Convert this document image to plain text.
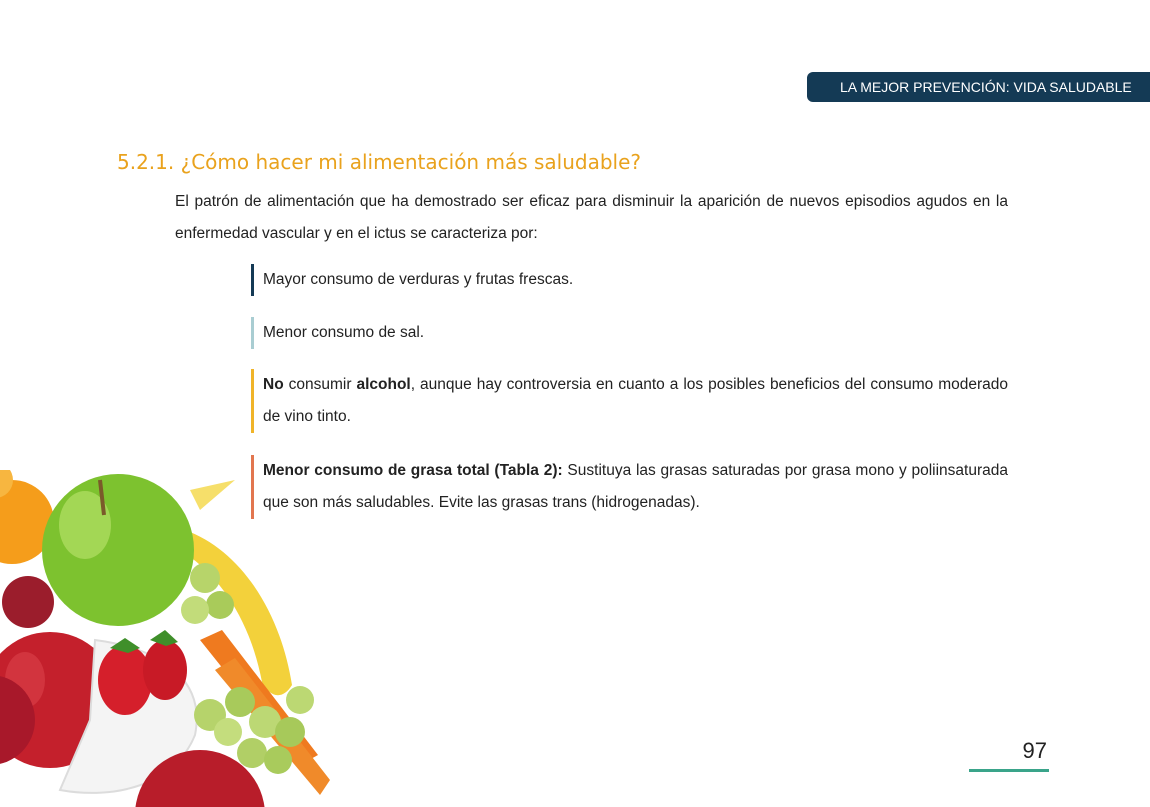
LA MEJOR PREVENCIÓN: VIDA SALUDABLE
5.2.1. ¿Cómo hacer mi alimentación más saludable?

El patrón de alimentación que ha demostrado ser eficaz para disminuir la aparición de nuevos episodios agudos en la enfermedad vascular y en el ictus se caracteriza por:

Mayor consumo de verduras y frutas frescas.
Menor consumo de sal.
No consumir alcohol, aunque hay controversia en cuanto a los posibles beneficios del consumo moderado de vino tinto.
Menor consumo de grasa total (Tabla 2): Sustituya las grasas saturadas por grasa mono y poliinsaturada que son más saludables. Evite las grasas trans (hidrogenadas).
97
